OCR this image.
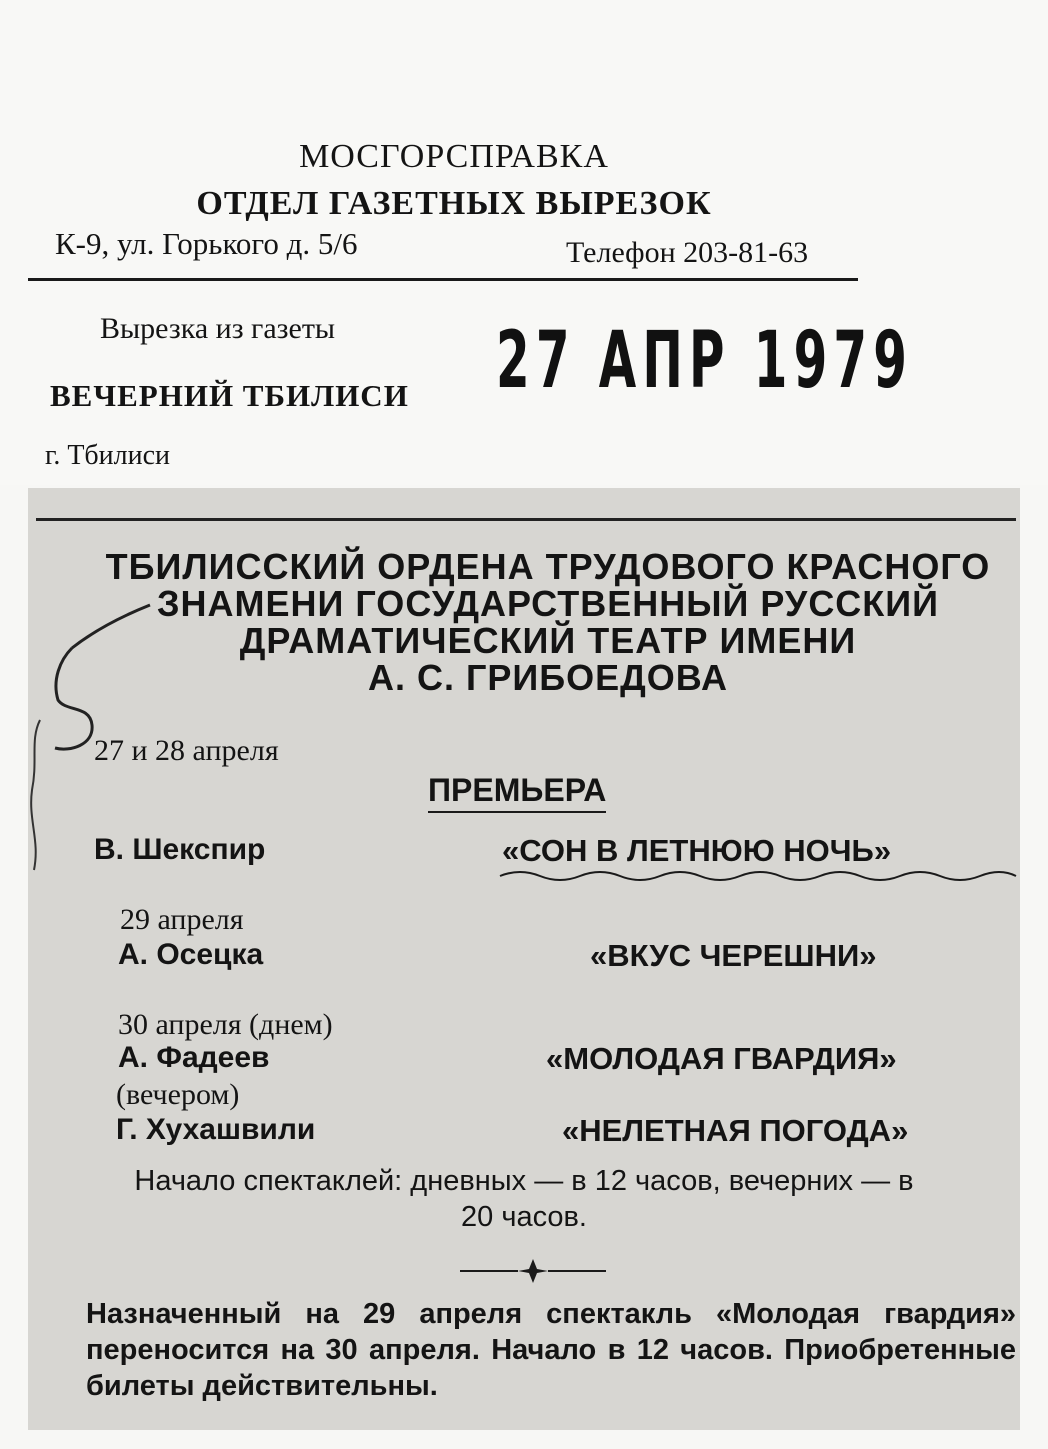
МОСГОРСПРАВКА
ОТДЕЛ ГАЗЕТНЫХ ВЫРЕЗОК
К-9, ул. Горького д. 5/6	Телефон 203-81-63
Вырезка из газеты
ВЕЧЕРНИЙ ТБИЛИСИ
г. Тбилиси
27 АПР 1979
ТБИЛИССКИЙ ОРДЕНА ТРУДОВОГО КРАСНОГО
ЗНАМЕНИ ГОСУДАРСТВЕННЫЙ РУССКИЙ
ДРАМАТИЧЕСКИЙ ТЕАТР ИМЕНИ
А. С. ГРИБОЕДОВА
27 и 28 апреля
ПРЕМЬЕРА
В. Шекспир	«СОН В ЛЕТНЮЮ НОЧЬ»
29 апреля
А. Осецка	«ВКУС ЧЕРЕШНИ»
30 апреля (днем)
А. Фадеев	«МОЛОДАЯ ГВАРДИЯ»
(вечером)
Г. Хухашвили	«НЕЛЕТНАЯ ПОГОДА»
Начало спектаклей: дневных — в 12 часов, вечерних — в
20 часов.
Назначенный на 29 апреля спектакль «Молодая гвардия» переносится на 30 апреля. Начало в 12 часов. Приобретенные билеты действительны.
